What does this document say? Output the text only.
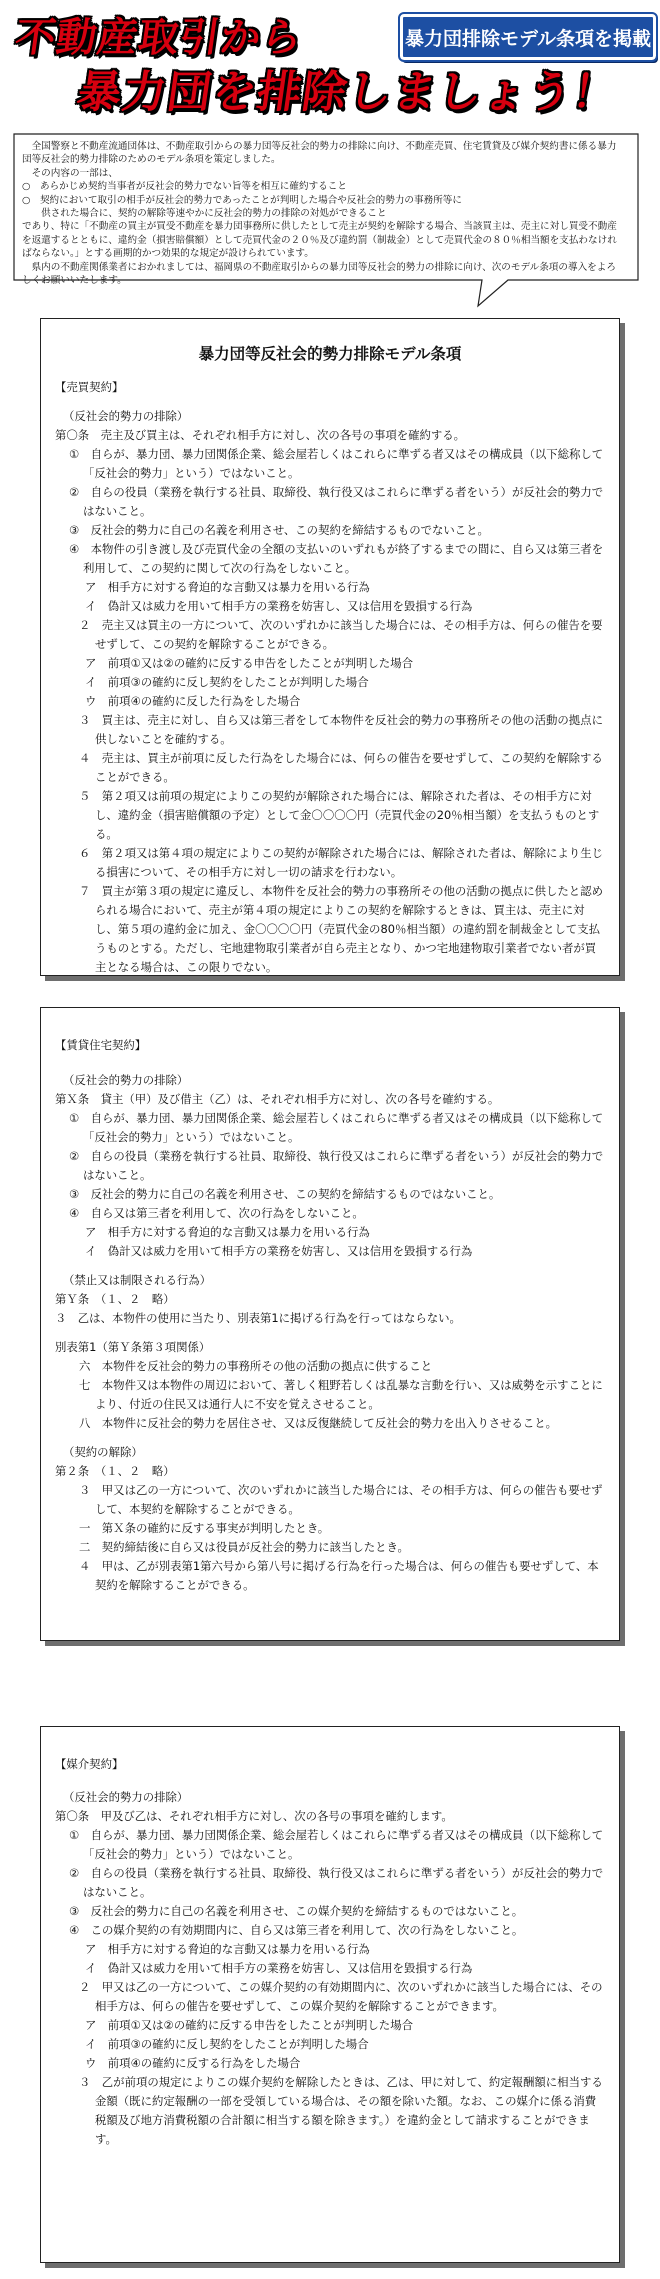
不動産取引から
暴力団を排除しましょう！
暴力団排除モデル条項を掲載
　全国警察と不動産流通団体は、不動産取引からの暴力団等反社会的勢力の排除に向け、不動産売買、住宅賃貸及び媒介契約書に係る暴力団等反社会的勢力排除のためのモデル条項を策定しました。
　その内容の一部は、
○　あらかじめ契約当事者が反社会的勢力でない旨等を相互に確約すること
○　契約において取引の相手が反社会的勢力であったことが判明した場合や反社会的勢力の事務所等に
　　供された場合に、契約の解除等速やかに反社会的勢力の排除の対処ができること
であり、特に「不動産の買主が買受不動産を暴力団事務所に供したとして売主が契約を解除する場合、当該買主は、売主に対し買受不動産を返還するとともに、違約金（損害賠償額）として売買代金の２０％及び違約罰（制裁金）として売買代金の８０％相当額を支払わなければならない。」とする画期的かつ効果的な規定が設けられています。
　県内の不動産関係業者におかれましては、福岡県の不動産取引からの暴力団等反社会的勢力の排除に向け、次のモデル条項の導入をよろしくお願いいたします。
暴力団等反社会的勢力排除モデル条項
【売買契約】
（反社会的勢力の排除）
第〇条　売主及び買主は、それぞれ相手方に対し、次の各号の事項を確約する。
①　自らが、暴力団、暴力団関係企業、総会屋若しくはこれらに準ずる者又はその構成員（以下総称して「反社会的勢力」という）ではないこと。
②　自らの役員（業務を執行する社員、取締役、執行役又はこれらに準ずる者をいう）が反社会的勢力ではないこと。
③　反社会的勢力に自己の名義を利用させ、この契約を締結するものでないこと。
④　本物件の引き渡し及び売買代金の全額の支払いのいずれもが終了するまでの間に、自ら又は第三者を利用して、この契約に関して次の行為をしないこと。
ア　相手方に対する脅迫的な言動又は暴力を用いる行為
イ　偽計又は威力を用いて相手方の業務を妨害し、又は信用を毀損する行為
２　売主又は買主の一方について、次のいずれかに該当した場合には、その相手方は、何らの催告を要せずして、この契約を解除することができる。
ア　前項①又は②の確約に反する申告をしたことが判明した場合
イ　前項③の確約に反し契約をしたことが判明した場合
ウ　前項④の確約に反した行為をした場合
３　買主は、売主に対し、自ら又は第三者をして本物件を反社会的勢力の事務所その他の活動の拠点に供しないことを確約する。
４　売主は、買主が前項に反した行為をした場合には、何らの催告を要せずして、この契約を解除することができる。
５　第２項又は前項の規定によりこの契約が解除された場合には、解除された者は、その相手方に対し、違約金（損害賠償額の予定）として金〇〇〇〇円（売買代金の20％相当額）を支払うものとする。
６　第２項又は第４項の規定によりこの契約が解除された場合には、解除された者は、解除により生じる損害について、その相手方に対し一切の請求を行わない。
７　買主が第３項の規定に違反し、本物件を反社会的勢力の事務所その他の活動の拠点に供したと認められる場合において、売主が第４項の規定によりこの契約を解除するときは、買主は、売主に対し、第５項の違約金に加え、金〇〇〇〇円（売買代金の80％相当額）の違約罰を制裁金として支払うものとする。ただし、宅地建物取引業者が自ら売主となり、かつ宅地建物取引業者でない者が買主となる場合は、この限りでない。
【賃貸住宅契約】
（反社会的勢力の排除）
第Ｘ条　貸主（甲）及び借主（乙）は、それぞれ相手方に対し、次の各号を確約する。
①　自らが、暴力団、暴力団関係企業、総会屋若しくはこれらに準ずる者又はその構成員（以下総称して「反社会的勢力」という）ではないこと。
②　自らの役員（業務を執行する社員、取締役、執行役又はこれらに準ずる者をいう）が反社会的勢力ではないこと。
③　反社会的勢力に自己の名義を利用させ、この契約を締結するものではないこと。
④　自ら又は第三者を利用して、次の行為をしないこと。
ア　相手方に対する脅迫的な言動又は暴力を用いる行為
イ　偽計又は威力を用いて相手方の業務を妨害し、又は信用を毀損する行為
（禁止又は制限される行為）
第Ｙ条　（１、２　略）
３　乙は、本物件の使用に当たり、別表第1に掲げる行為を行ってはならない。
別表第1（第Ｙ条第３項関係）
六　本物件を反社会的勢力の事務所その他の活動の拠点に供すること
七　本物件又は本物件の周辺において、著しく粗野若しくは乱暴な言動を行い、又は威勢を示すことにより、付近の住民又は通行人に不安を覚えさせること。
八　本物件に反社会的勢力を居住させ、又は反復継続して反社会的勢力を出入りさせること。
（契約の解除）
第２条　（１、２　略）
３　甲又は乙の一方について、次のいずれかに該当した場合には、その相手方は、何らの催告も要せずして、本契約を解除することができる。
一　第Ｘ条の確約に反する事実が判明したとき。
二　契約締結後に自ら又は役員が反社会的勢力に該当したとき。
４　甲は、乙が別表第1第六号から第八号に掲げる行為を行った場合は、何らの催告も要せずして、本契約を解除することができる。
【媒介契約】
（反社会的勢力の排除）
第〇条　甲及び乙は、それぞれ相手方に対し、次の各号の事項を確約します。
①　自らが、暴力団、暴力団関係企業、総会屋若しくはこれらに準ずる者又はその構成員（以下総称して「反社会的勢力」という）ではないこと。
②　自らの役員（業務を執行する社員、取締役、執行役又はこれらに準ずる者をいう）が反社会的勢力ではないこと。
③　反社会的勢力に自己の名義を利用させ、この媒介契約を締結するものではないこと。
④　この媒介契約の有効期間内に、自ら又は第三者を利用して、次の行為をしないこと。
ア　相手方に対する脅迫的な言動又は暴力を用いる行為
イ　偽計又は威力を用いて相手方の業務を妨害し、又は信用を毀損する行為
２　甲又は乙の一方について、この媒介契約の有効期間内に、次のいずれかに該当した場合には、その相手方は、何らの催告を要せずして、この媒介契約を解除することができます。
ア　前項①又は②の確約に反する申告をしたことが判明した場合
イ　前項③の確約に反し契約をしたことが判明した場合
ウ　前項④の確約に反する行為をした場合
３　乙が前項の規定によりこの媒介契約を解除したときは、乙は、甲に対して、約定報酬額に相当する金額（既に約定報酬の一部を受領している場合は、その額を除いた額。なお、この媒介に係る消費税額及び地方消費税額の合計額に相当する額を除きます。）を違約金として請求することができます。
